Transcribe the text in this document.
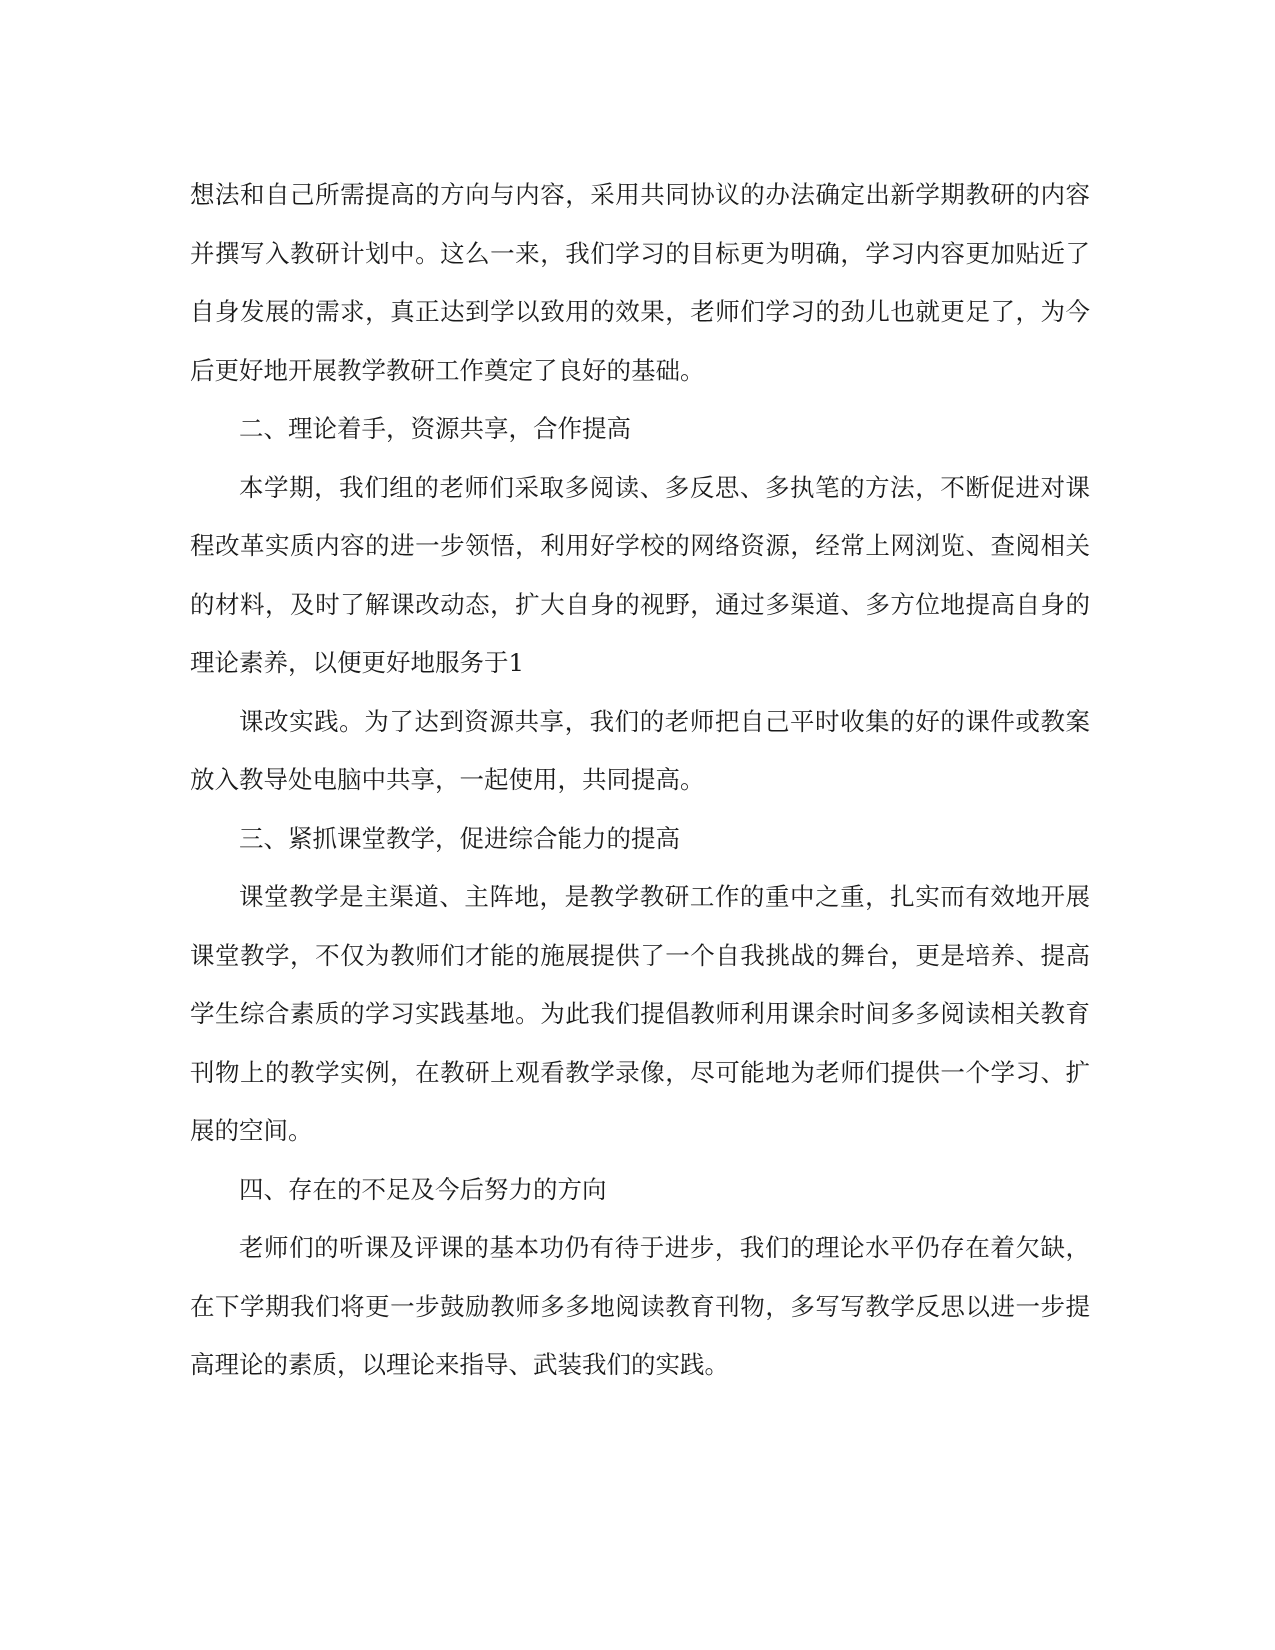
想法和自己所需提高的方向与内容，采用共同协议的办法确定出新学期教研的内容并撰写入教研计划中。这么一来，我们学习的目标更为明确，学习内容更加贴近了自身发展的需求，真正达到学以致用的效果，老师们学习的劲儿也就更足了，为今后更好地开展教学教研工作奠定了良好的基础。

二、理论着手，资源共享，合作提高

本学期，我们组的老师们采取多阅读、多反思、多执笔的方法，不断促进对课程改革实质内容的进一步领悟，利用好学校的网络资源，经常上网浏览、查阅相关的材料，及时了解课改动态，扩大自身的视野，通过多渠道、多方位地提高自身的理论素养，以便更好地服务于1

课改实践。为了达到资源共享，我们的老师把自己平时收集的好的课件或教案放入教导处电脑中共享，一起使用，共同提高。

三、紧抓课堂教学，促进综合能力的提高

课堂教学是主渠道、主阵地，是教学教研工作的重中之重，扎实而有效地开展课堂教学，不仅为教师们才能的施展提供了一个自我挑战的舞台，更是培养、提高学生综合素质的学习实践基地。为此我们提倡教师利用课余时间多多阅读相关教育刊物上的教学实例，在教研上观看教学录像，尽可能地为老师们提供一个学习、扩展的空间。

四、存在的不足及今后努力的方向

老师们的听课及评课的基本功仍有待于进步，我们的理论水平仍存在着欠缺，在下学期我们将更一步鼓励教师多多地阅读教育刊物，多写写教学反思以进一步提高理论的素质，以理论来指导、武装我们的实践。
